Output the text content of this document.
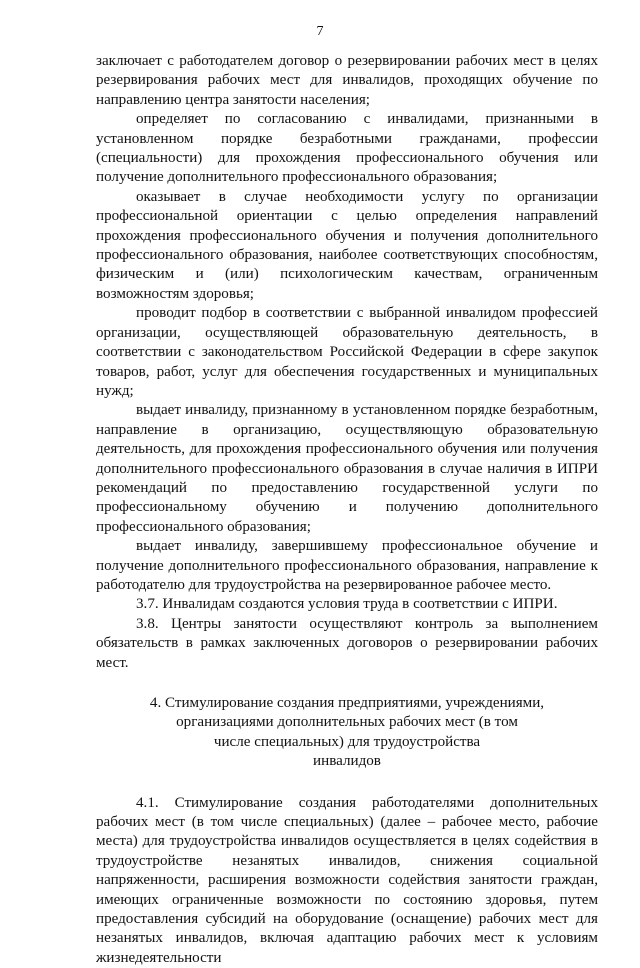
7

заключает с работодателем договор о резервировании рабочих мест в целях резервирования рабочих мест для инвалидов, проходящих обучение по направлению центра занятости населения;

определяет по согласованию с инвалидами, признанными в установленном порядке безработными гражданами, профессии (специальности) для прохождения профессионального обучения или получение дополнительного профессионального образования;

оказывает в случае необходимости услугу по организации профессиональной ориентации с целью определения направлений прохождения профессионального обучения и получения дополнительного профессионального образования, наиболее соответствующих способностям, физическим и (или) психологическим качествам, ограниченным возможностям здоровья;

проводит подбор в соответствии с выбранной инвалидом профессией организации, осуществляющей образовательную деятельность, в соответствии с законодательством Российской Федерации в сфере закупок товаров, работ, услуг для обеспечения государственных и муниципальных нужд;

выдает инвалиду, признанному в установленном порядке безработным, направление в организацию, осуществляющую образовательную деятельность, для прохождения профессионального обучения или получения дополнительного профессионального образования в случае наличия в ИПРИ рекомендаций по предоставлению государственной услуги по профессиональному обучению и получению дополнительного профессионального образования;

выдает инвалиду, завершившему профессиональное обучение и получение дополнительного профессионального образования, направление к работодателю для трудоустройства на резервированное рабочее место.

3.7. Инвалидам создаются условия труда в соответствии с ИПРИ.

3.8. Центры занятости осуществляют контроль за выполнением обязательств в рамках заключенных договоров о резервировании рабочих мест.

4. Стимулирование создания предприятиями, учреждениями,
организациями дополнительных рабочих мест (в том
числе специальных) для трудоустройства
инвалидов

4.1. Стимулирование создания работодателями дополнительных рабочих мест (в том числе специальных) (далее – рабочее место, рабочие места) для трудоустройства инвалидов осуществляется в целях содействия в трудоустройстве незанятых инвалидов, снижения социальной напряженности, расширения возможности содействия занятости граждан, имеющих ограниченные возможности по состоянию здоровья, путем предоставления субсидий на оборудование (оснащение) рабочих мест для незанятых инвалидов, включая адаптацию рабочих мест к условиям жизнедеятельности
